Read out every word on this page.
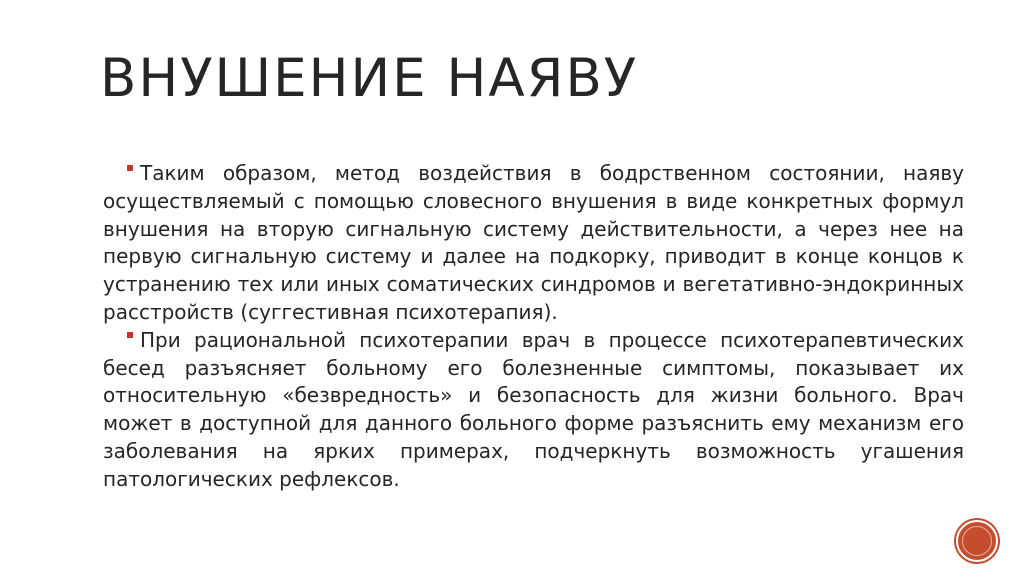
ВНУШЕНИЕ НАЯВУ

Таким образом, метод воздействия в бодрственном состоянии, наяву осуществляемый с помощью словесного внушения в виде конкретных формул внушения на вторую сигнальную систему действительности, а через нее на первую сигнальную систему и далее на подкорку, приводит в конце концов к устранению тех или иных соматических синдромов и вегетативно-эндокринных расстройств (суггестивная психотерапия).

При рациональной психотерапии врач в процессе психотерапевтических бесед разъясняет больному его болезненные симптомы, показывает их относительную «безвредность» и безопасность для жизни больного. Врач может в доступной для данного больного форме разъяснить ему механизм его заболевания на ярких примерах, подчеркнуть возможность угашения патологических рефлексов.
